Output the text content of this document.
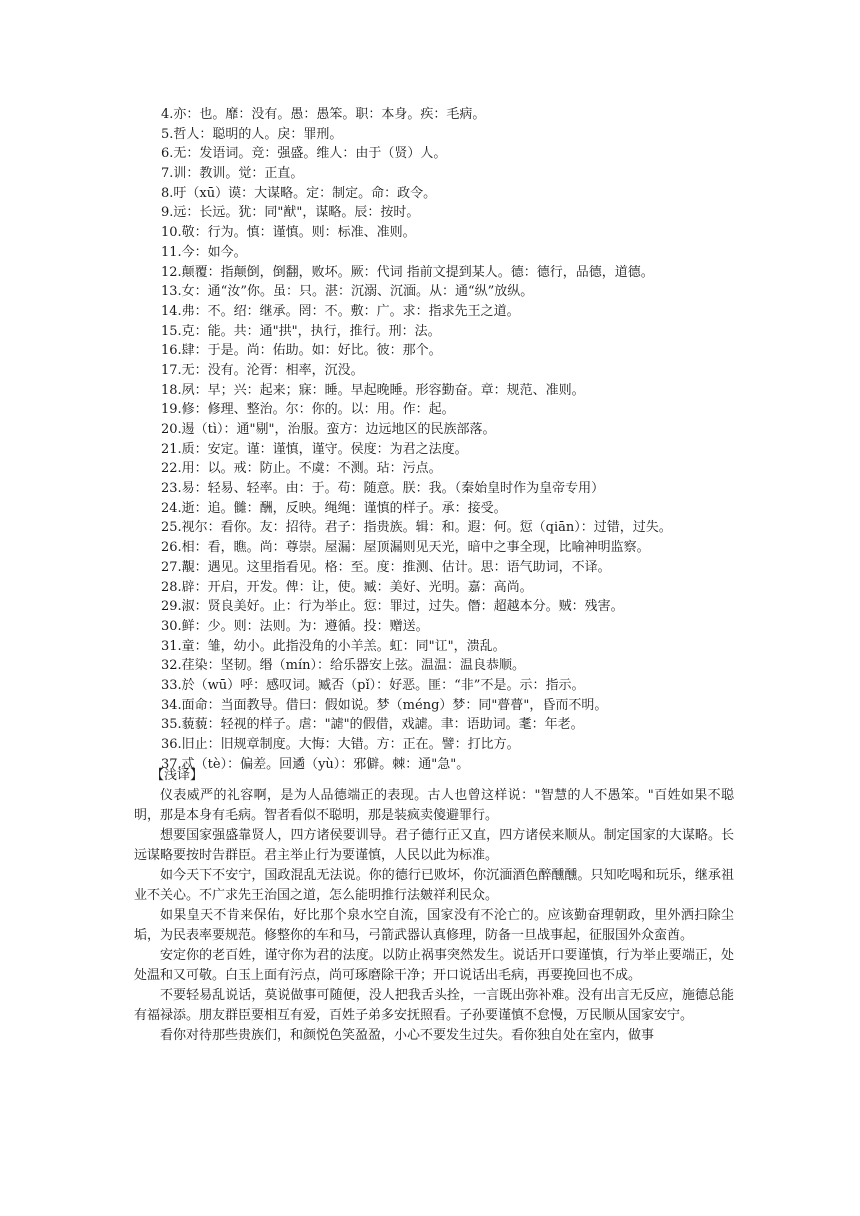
4.亦：也。靡：没有。愚：愚笨。职：本身。疾：毛病。
5.哲人：聪明的人。戾：罪刑。
6.无：发语词。竞：强盛。维人：由于（贤）人。
7.训：教训。觉：正直。
8.吁（xū）谟：大谋略。定：制定。命：政令。
9.远：长远。犹：同"猷"，谋略。辰：按时。
10.敬：行为。慎：谨慎。则：标准、准则。
11.今：如今。
12.颠覆：指颠倒，倒翻，败坏。厥：代词 指前文提到某人。德：德行，品德，道德。
13.女：通“汝”你。虽：只。湛：沉溺、沉湎。从：通“纵”放纵。
14.弗：不。绍：继承。罔：不。敷：广。求：指求先王之道。
15.克：能。共：通"拱"，执行，推行。刑：法。
16.肆：于是。尚：佑助。如：好比。彼：那个。
17.无：没有。沦胥：相率，沉没。
18.夙：早；兴：起来；寐：睡。早起晚睡。形容勤奋。章：规范、准则。
19.修：修理、整治。尔：你的。以：用。作：起。
20.逷（tì）：通"剔"，治服。蛮方：边远地区的民族部落。
21.质：安定。谨：谨慎，谨守。侯度：为君之法度。
22.用：以。戒：防止。不虞：不测。玷：污点。
23.易：轻易、轻率。由：于。苟：随意。朕：我。（秦始皇时作为皇帝专用）
24.逝：追。雠：酬，反映。绳绳：谨慎的样子。承：接受。
25.视尔：看你。友：招待。君子：指贵族。辑：和。遐：何。愆（qiān）：过错，过失。
26.相：看，瞧。尚：尊崇。屋漏：屋顶漏则见天光，暗中之事全现，比喻神明监察。
27.覯：遇见。这里指看见。格：至。度：推测、估计。思：语气助词，不译。
28.辟：开启，开发。俾：让，使。臧：美好、光明。嘉：高尚。
29.淑：贤良美好。止：行为举止。愆：罪过，过失。僭：超越本分。贼：残害。
30.鲜：少。则：法则。为：遵循。投：赠送。
31.童：雏，幼小。此指没角的小羊羔。虹：同"讧"，溃乱。
32.荏染：坚韧。缗（mín）：给乐器安上弦。温温：温良恭顺。
33.於（wū）呼：感叹词。臧否（pǐ）：好恶。匪：“非”不是。示：指示。
34.面命：当面教导。借曰：假如说。梦（méng）梦：同"瞢瞢"，昏而不明。
35.藐藐：轻视的样子。虐："謔"的假借，戏謔。聿：语助词。耄：年老。
36.旧止：旧规章制度。大悔：大错。方：正在。譬：打比方。
37.忒（tè）：偏差。回遹（yù）：邪僻。棘：通"急"。
【浅译】

仪表威严的礼容啊，是为人品德端正的表现。古人也曾这样说："智慧的人不愚笨。"百姓如果不聪明，那是本身有毛病。智者看似不聪明，那是装疯卖傻避罪行。

想要国家强盛靠贤人，四方诸侯要训导。君子德行正又直，四方诸侯来顺从。制定国家的大谋略。长远谋略要按时告群臣。君主举止行为要谨慎，人民以此为标准。

如今天下不安宁，国政混乱无法说。你的德行已败坏，你沉湎酒色醉醺醺。只知吃喝和玩乐，继承祖业不关心。不广求先王治国之道，怎么能明推行法皴祥利民众。

如果皇天不肯来保佑，好比那个泉水空自流，国家没有不沦亡的。应该勤奋理朝政，里外洒扫除尘垢，为民表率要规范。修整你的车和马，弓箭武器认真修理，防备一旦战事起，征服国外众蛮酋。

安定你的老百姓，谨守你为君的法度。以防止祸事突然发生。说话开口要谨慎，行为举止要端正，处处温和又可敬。白玉上面有污点，尚可琢磨除干净；开口说话出毛病，再要挽回也不成。

不要轻易乱说话，莫说做事可随便，没人把我舌头拴，一言既出弥补难。没有出言无反应，施德总能有福禄添。朋友群臣要相互有爱，百姓子弟多安抚照看。子孙要谨慎不怠慢，万民顺从国家安宁。

看你对待那些贵族们，和颜悦色笑盈盈，小心不要发生过失。看你独自处在室内，做事
